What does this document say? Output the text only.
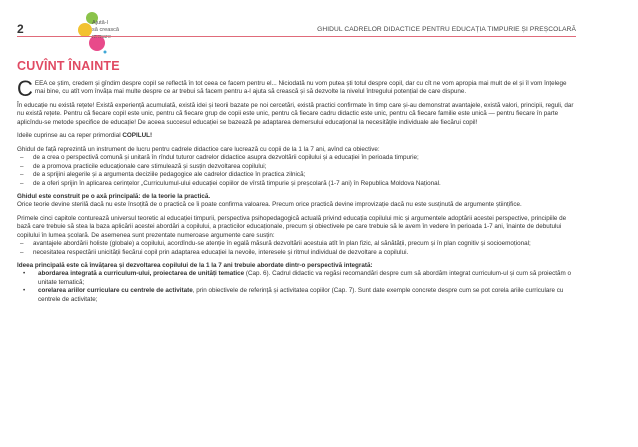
2	Ajută-l
să crească
m mare
GHIDUL CADRELOR DIDACTICE PENTRU EDUCAȚIA TIMPURIE ȘI PREȘCOLARĂ
CUVÎNT ÎNAINTE

CEEA ce știm, credem și gîndim despre copil se reflectă în tot ceea ce facem pentru el... Niciodată nu vom putea ști totul despre copil, dar cu cît ne vom apropia mai mult de el și îl vom înțelege mai bine, cu atît vom învăța mai multe despre ce ar trebui să facem pentru a-l ajuta să crească și să dezvolte la nivelul întregului potențial de care dispune.

În educație nu există rețete! Există experiență acumulată, există idei și teorii bazate pe noi cercetări, există practici confirmate în timp care și-au demonstrat avantajele, există valori, principii, reguli, dar nu există rețete. Pentru că fiecare copil este unic, pentru că fiecare grup de copii este unic, pentru că fiecare cadru didactic este unic, pentru că fiecare familie este unică — pentru fiecare în parte aplicîndu-se metode specifice de educație! De aceea succesul educației se bazează pe adaptarea demersului educațional la necesitățile individuale ale fiecărui copil!

Ideile cuprinse au ca reper primordial COPILUL!

Ghidul de față reprezintă un instrument de lucru pentru cadrele didactice care lucrează cu copii de la 1 la 7 ani, avînd ca obiective:

– de a crea o perspectivă comună și unitară în rîndul tuturor cadrelor didactice asupra dezvoltării copilului și a educației în perioada timpurie;
– de a promova practicile educaționale care stimulează și susțin dezvoltarea copilului;
– de a sprijini alegerile și a argumenta deciziile pedagogice ale cadrelor didactice în practica zilnică;
– de a oferi sprijin în aplicarea cerințelor „Curriculumul-ului educației copiilor de vîrstă timpurie și preșcolară (1-7 ani) în Republica Moldova Național.

Ghidul este construit pe o axă principală: de la teorie la practică.
Orice teorie devine sterilă dacă nu este însoțită de o practică ce îi poate confirma valoarea. Precum orice practică devine improvizație dacă nu este susținută de argumente științifice.

Primele cinci capitole conturează universul teoretic al educației timpurii, perspectiva psihopedagogică actuală privind educația copilului mic și argumentele adoptării acestei perspective, principiile de bază care trebuie să stea la baza aplicării acestei abordări a copilului, a practicilor educaționale, precum și obiectivele pe care trebuie să le avem în vedere în perioada 1-7 ani, înainte de debutului copilului în lumea școlară. De asemenea sunt prezentate numeroase argumente care susțin:

– avantajele abordării holiste (globale) a copilului, acordîndu-se atenție în egală măsură dezvoltării acestuia atît în plan fizic, al sănătății, precum și în plan cognitiv și socioemoțional;
– necesitatea respectării unicității fiecărui copil prin adaptarea educației la nevoile, interesele și ritmul individual de dezvoltare a copilului.

Ideea principală este că învățarea și dezvoltarea copilului de la 1 la 7 ani trebuie abordate dintr-o perspectivă integrată:

• abordarea integrată a curriculum-ului, proiectarea de unități tematice (Cap. 6). Cadrul didactic va regăsi recomandări despre cum să abordăm integrat curriculum-ul și cum să proiectăm o unitate tematică;
• corelarea ariilor curriculare cu centrele de activitate, prin obiectivele de referință și activitatea copiilor (Cap. 7). Sunt date exemple concrete despre cum se pot corela ariile curriculare cu centrele de activitate;
